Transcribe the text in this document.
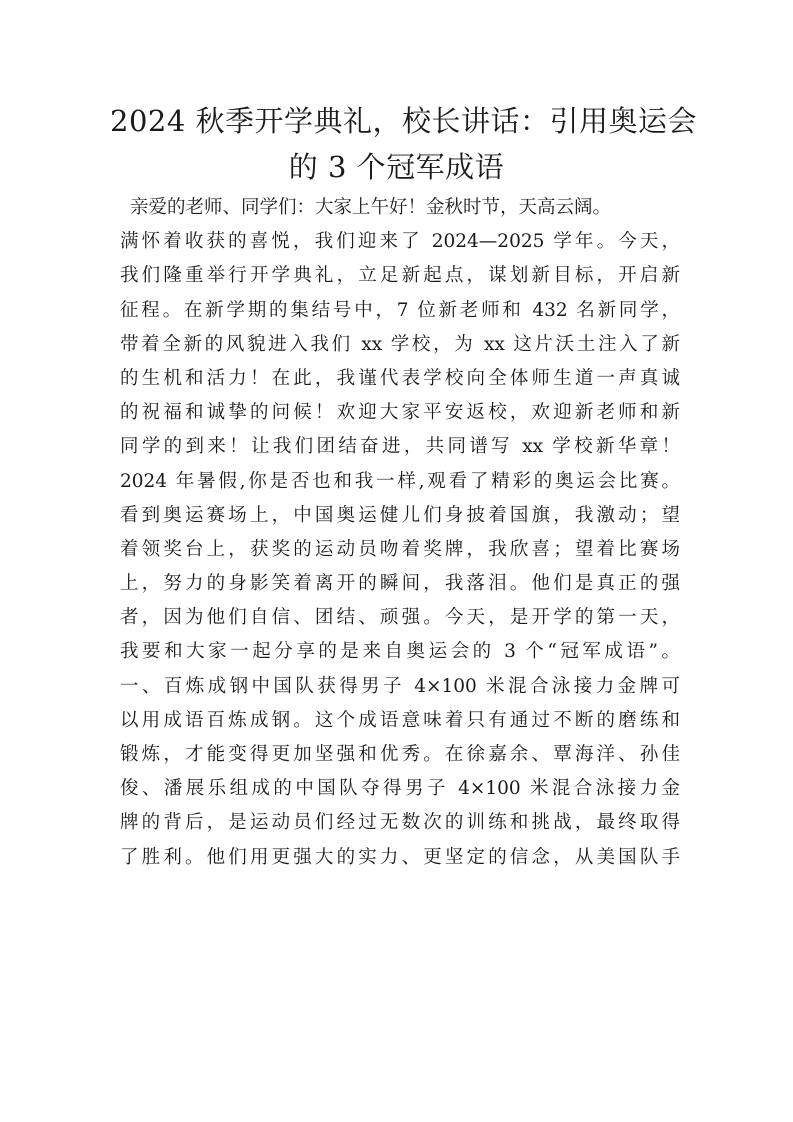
2024 秋季开学典礼，校长讲话：引用奥运会
的 3 个冠军成语
亲爱的老师、同学们：大家上午好！金秋时节，天高云阔。
满怀着收获的喜悦，我们迎来了 2024—2025 学年。今天，
我们隆重举行开学典礼，立足新起点，谋划新目标，开启新
征程。在新学期的集结号中，7 位新老师和 432 名新同学，
带着全新的风貌进入我们 xx 学校，为 xx 这片沃土注入了新
的生机和活力！在此，我谨代表学校向全体师生道一声真诚
的祝福和诚挚的问候！欢迎大家平安返校，欢迎新老师和新
同学的到来！让我们团结奋进，共同谱写 xx 学校新华章！
2024 年暑假,你是否也和我一样,观看了精彩的奥运会比赛。
看到奥运赛场上，中国奥运健儿们身披着国旗，我激动；望
着领奖台上，获奖的运动员吻着奖牌，我欣喜；望着比赛场
上，努力的身影笑着离开的瞬间，我落泪。他们是真正的强
者，因为他们自信、团结、顽强。今天，是开学的第一天，
我要和大家一起分享的是来自奥运会的 3 个“冠军成语”。
一、百炼成钢中国队获得男子 4×100 米混合泳接力金牌可
以用成语百炼成钢。这个成语意味着只有通过不断的磨练和
锻炼，才能变得更加坚强和优秀。在徐嘉余、覃海洋、孙佳
俊、潘展乐组成的中国队夺得男子 4×100 米混合泳接力金
牌的背后，是运动员们经过无数次的训练和挑战，最终取得
了胜利。他们用更强大的实力、更坚定的信念，从美国队手
